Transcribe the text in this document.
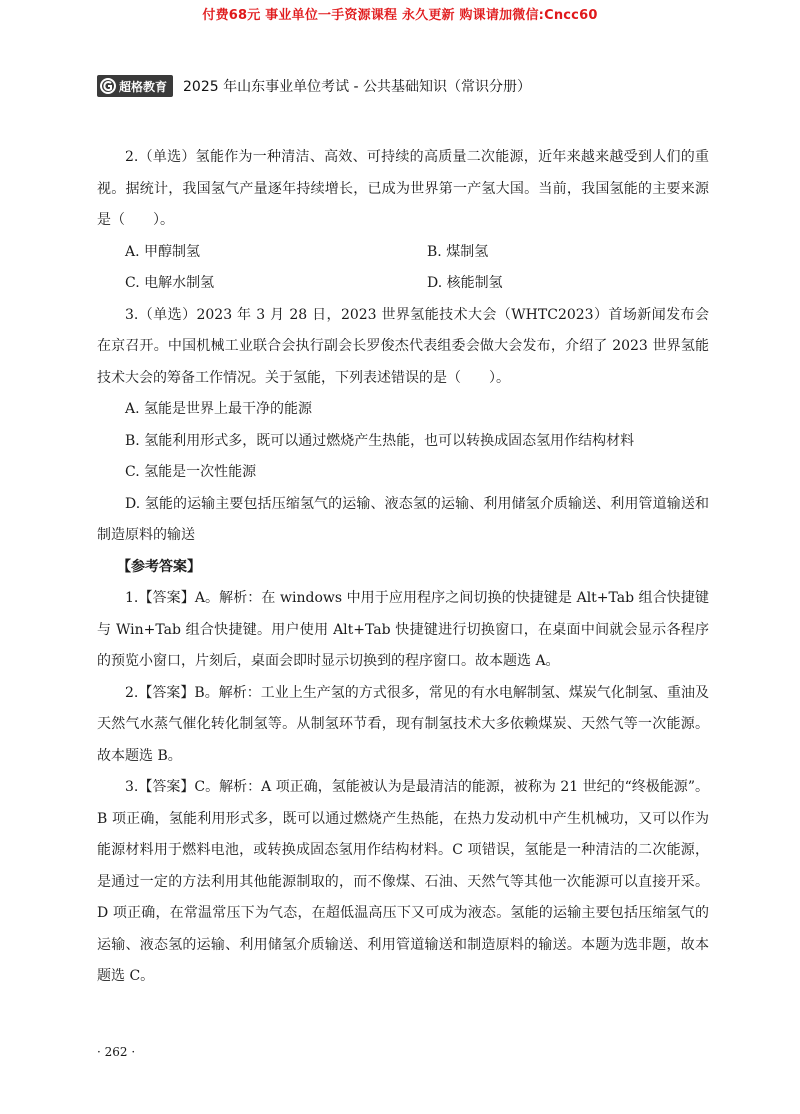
付费68元 事业单位一手资源课程 永久更新 购课请加微信:Cncc60
超格教育 2025 年山东事业单位考试 - 公共基础知识（常识分册）

2.（单选）氢能作为一种清洁、高效、可持续的高质量二次能源，近年来越来越受到人们的重视。据统计，我国氢气产量逐年持续增长，已成为世界第一产氢大国。当前，我国氢能的主要来源是（　　）。

A. 甲醇制氢	B. 煤制氢
C. 电解水制氢	D. 核能制氢

3.（单选）2023 年 3 月 28 日，2023 世界氢能技术大会（WHTC2023）首场新闻发布会在京召开。中国机械工业联合会执行副会长罗俊杰代表组委会做大会发布，介绍了 2023 世界氢能技术大会的筹备工作情况。关于氢能，下列表述错误的是（　　）。

A. 氢能是世界上最干净的能源

B. 氢能利用形式多，既可以通过燃烧产生热能，也可以转换成固态氢用作结构材料

C. 氢能是一次性能源

D. 氢能的运输主要包括压缩氢气的运输、液态氢的运输、利用储氢介质输送、利用管道输送和制造原料的输送

【参考答案】

1.【答案】A。解析：在 windows 中用于应用程序之间切换的快捷键是 Alt+Tab 组合快捷键与 Win+Tab 组合快捷键。用户使用 Alt+Tab 快捷键进行切换窗口，在桌面中间就会显示各程序的预览小窗口，片刻后，桌面会即时显示切换到的程序窗口。故本题选 A。

2.【答案】B。解析：工业上生产氢的方式很多，常见的有水电解制氢、煤炭气化制氢、重油及天然气水蒸气催化转化制氢等。从制氢环节看，现有制氢技术大多依赖煤炭、天然气等一次能源。故本题选 B。

3.【答案】C。解析：A 项正确，氢能被认为是最清洁的能源，被称为 21 世纪的“终极能源”。B 项正确，氢能利用形式多，既可以通过燃烧产生热能，在热力发动机中产生机械功，又可以作为能源材料用于燃料电池，或转换成固态氢用作结构材料。C 项错误，氢能是一种清洁的二次能源，是通过一定的方法利用其他能源制取的，而不像煤、石油、天然气等其他一次能源可以直接开采。D 项正确，在常温常压下为气态，在超低温高压下又可成为液态。氢能的运输主要包括压缩氢气的运输、液态氢的运输、利用储氢介质输送、利用管道输送和制造原料的输送。本题为选非题，故本题选 C。

· 262 ·
